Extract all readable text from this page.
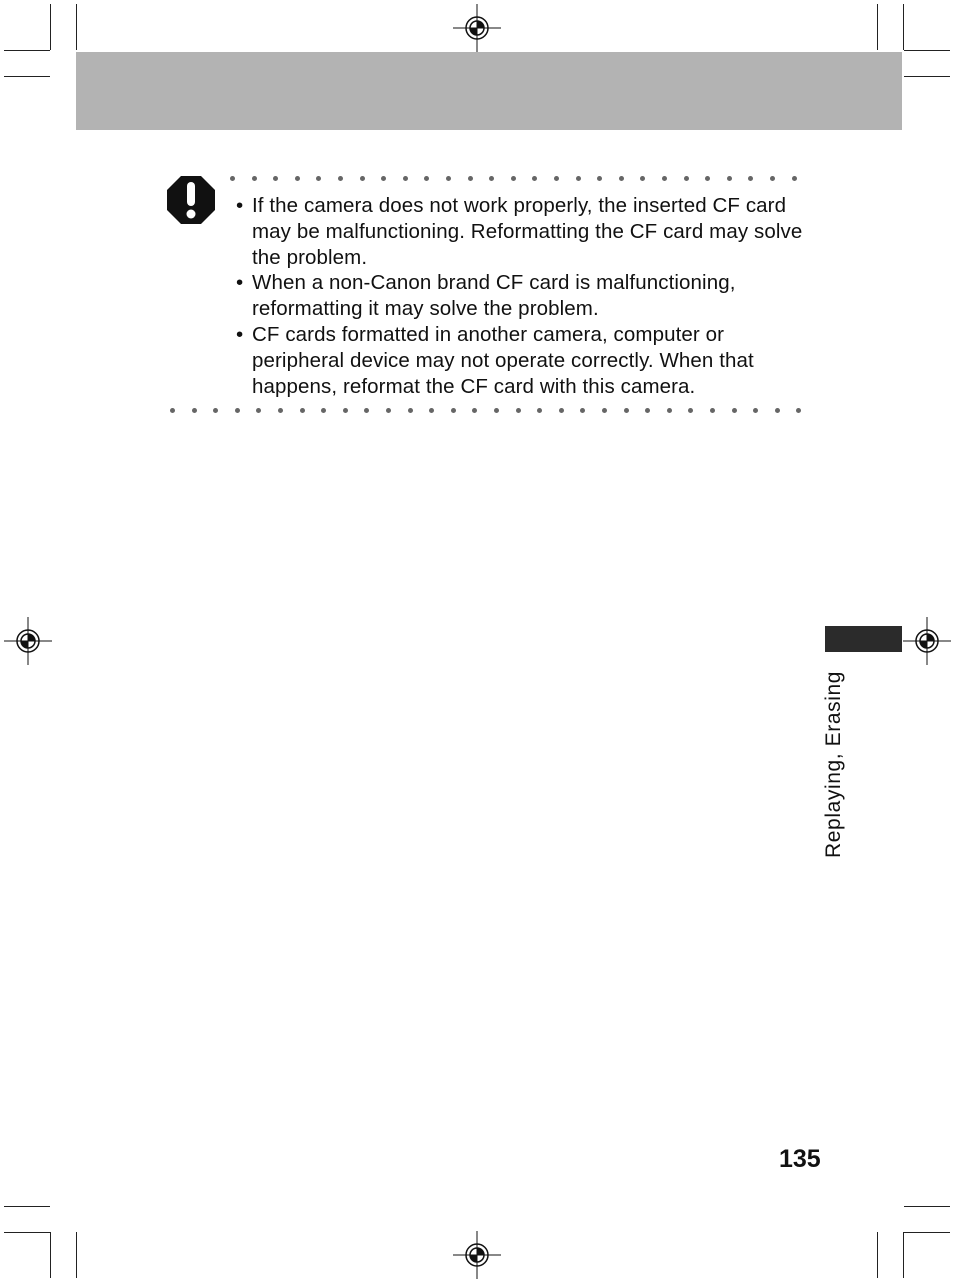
• If the camera does not work properly, the inserted CF card may be malfunctioning. Reformatting the CF card may solve the problem.
• When a non-Canon brand CF card is malfunctioning, reformatting it may solve the problem.
• CF cards formatted in another camera, computer or peripheral device may not operate correctly. When that happens, reformat the CF card with this camera.
Replaying, Erasing
135
